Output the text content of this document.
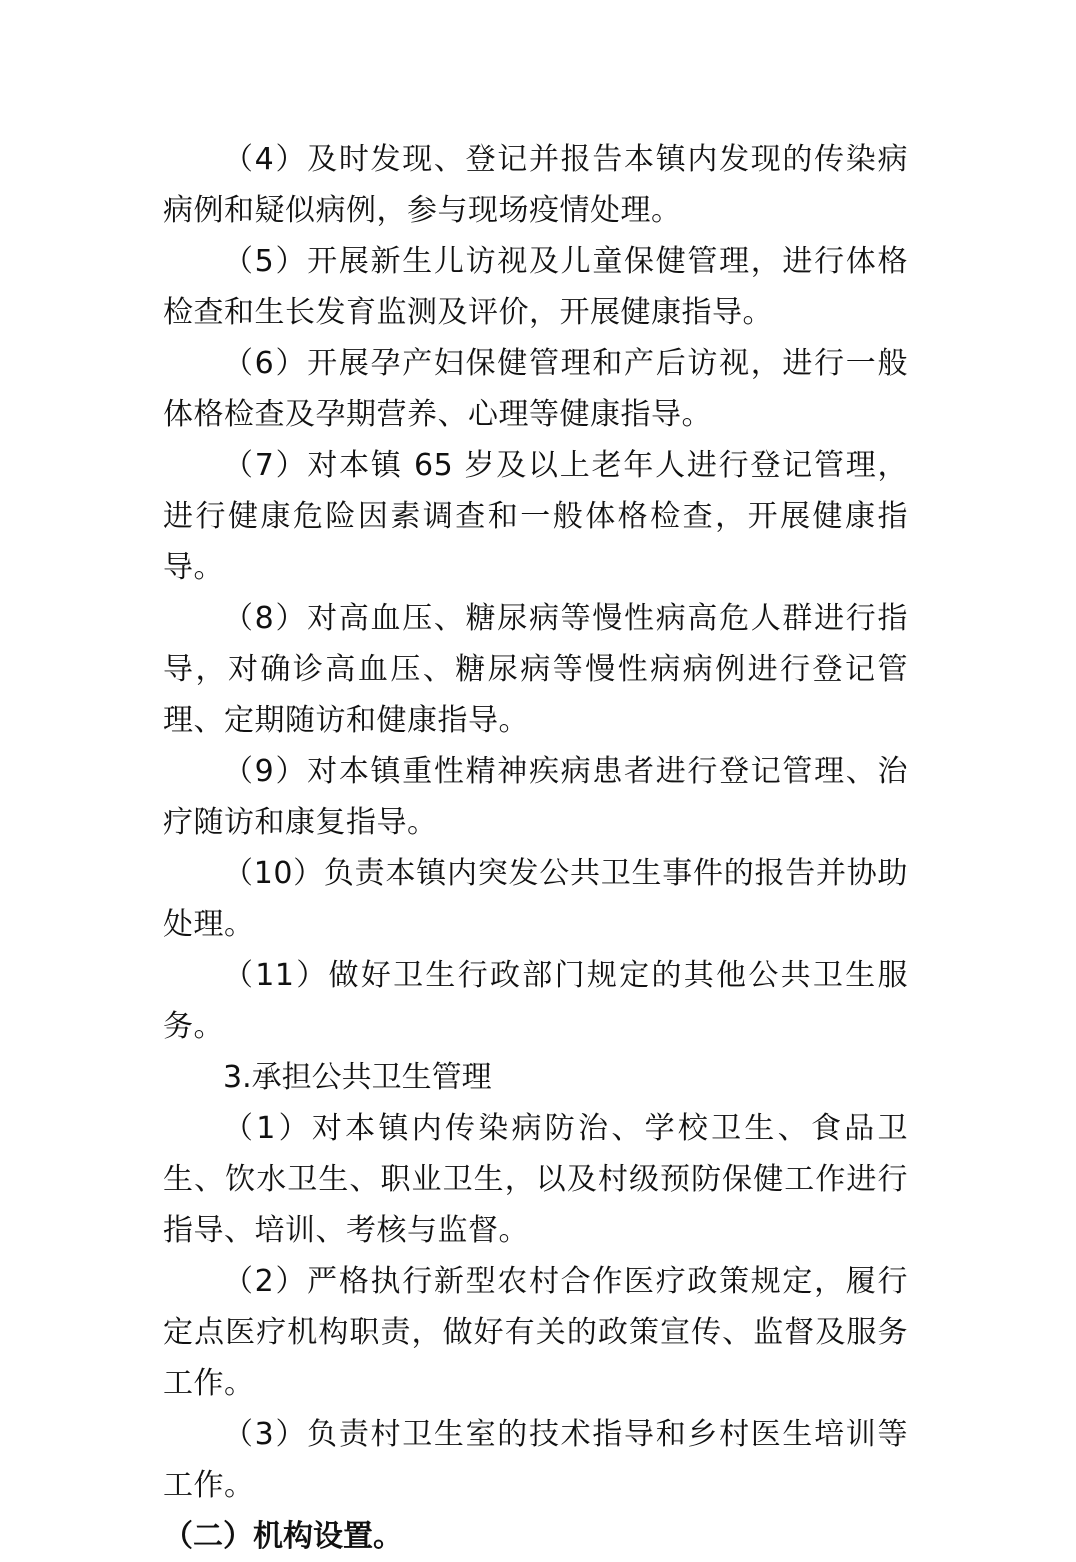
（4）及时发现、登记并报告本镇内发现的传染病病例和疑似病例，参与现场疫情处理。

（5）开展新生儿访视及儿童保健管理，进行体格检查和生长发育监测及评价，开展健康指导。

（6）开展孕产妇保健管理和产后访视，进行一般体格检查及孕期营养、心理等健康指导。

（7）对本镇 65 岁及以上老年人进行登记管理，进行健康危险因素调查和一般体格检查，开展健康指导。

（8）对高血压、糖尿病等慢性病高危人群进行指导，对确诊高血压、糖尿病等慢性病病例进行登记管理、定期随访和健康指导。

（9）对本镇重性精神疾病患者进行登记管理、治疗随访和康复指导。

（10）负责本镇内突发公共卫生事件的报告并协助处理。

（11）做好卫生行政部门规定的其他公共卫生服务。

3.承担公共卫生管理

（1）对本镇内传染病防治、学校卫生、食品卫生、饮水卫生、职业卫生，以及村级预防保健工作进行指导、培训、考核与监督。

（2）严格执行新型农村合作医疗政策规定，履行定点医疗机构职责，做好有关的政策宣传、监督及服务工作。

（3）负责村卫生室的技术指导和乡村医生培训等工作。

（二）机构设置。
